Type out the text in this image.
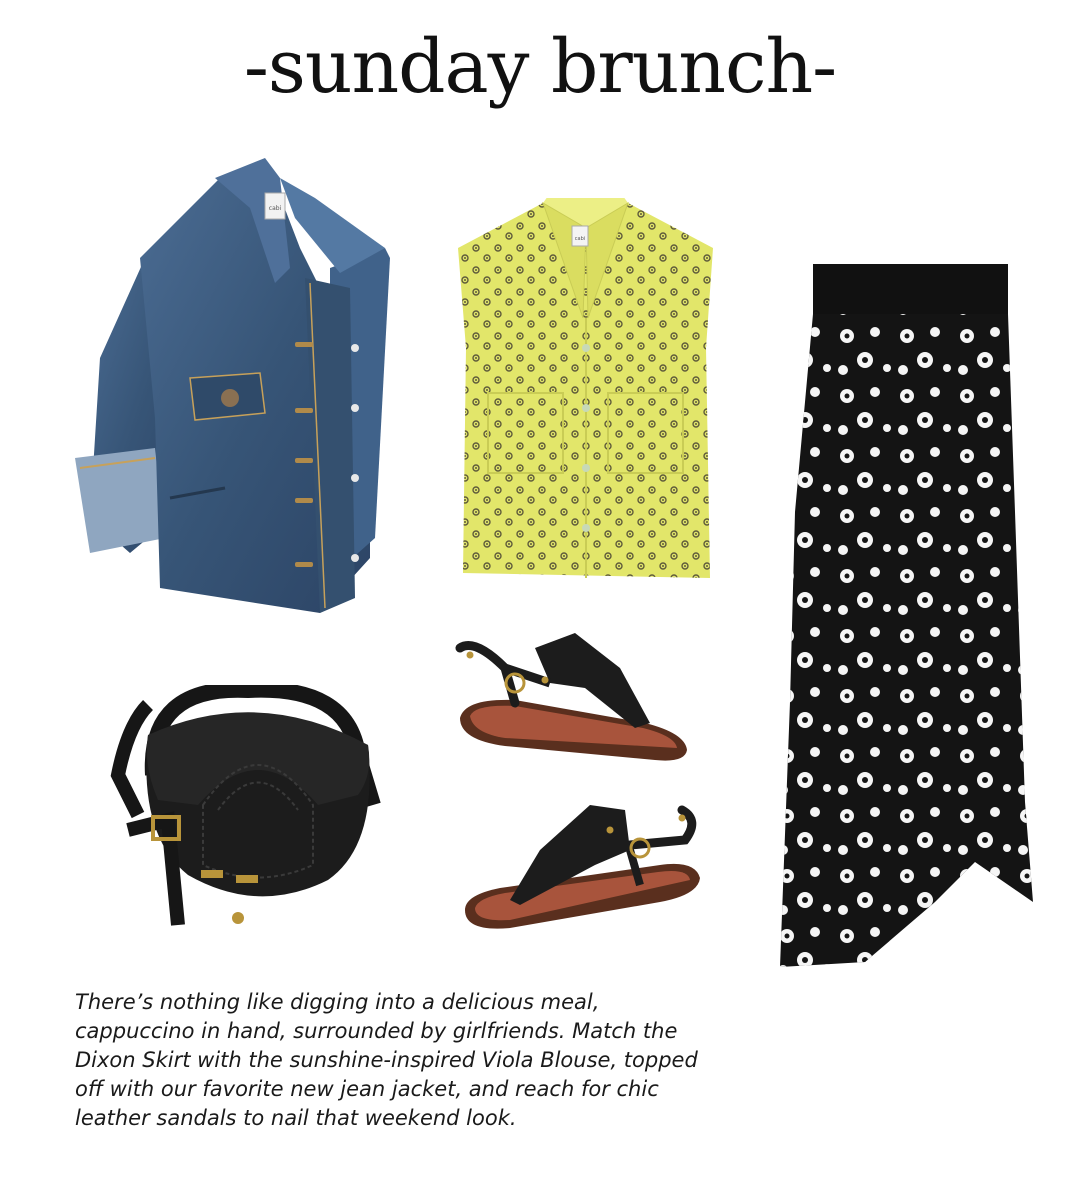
-sunday brunch-
cabi
cabi
There’s nothing like digging into a delicious meal,
cappuccino in hand, surrounded by girlfriends. Match the
Dixon Skirt with the sunshine-inspired Viola Blouse, topped
off with our favorite new jean jacket, and reach for chic
leather sandals to nail that weekend look.
